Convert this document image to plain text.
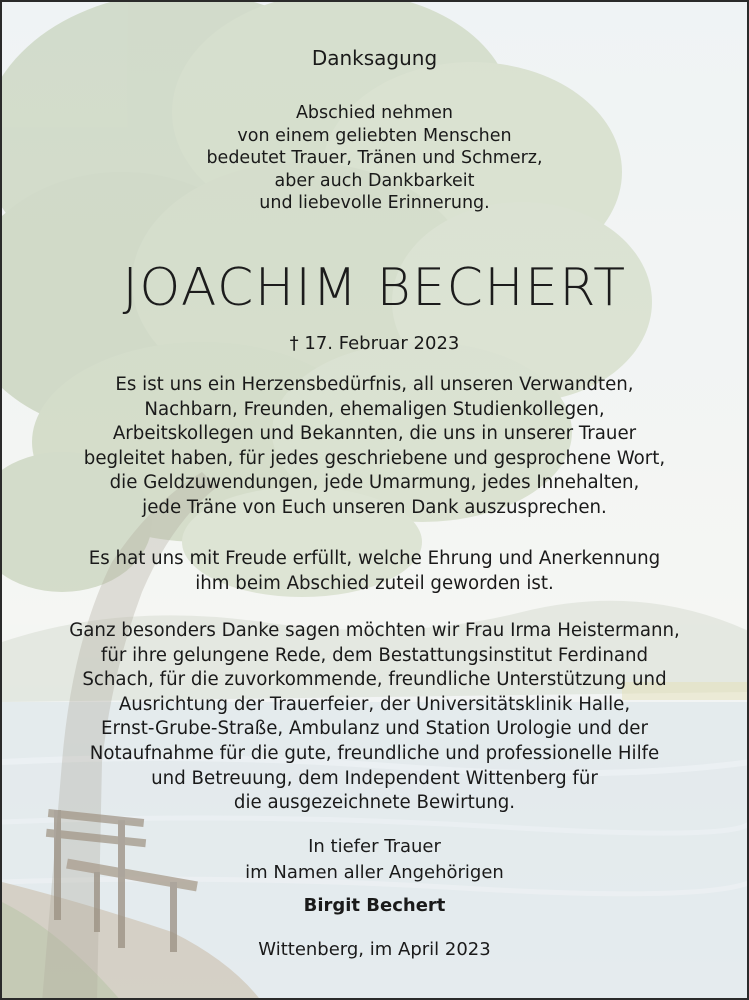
Danksagung

Abschied nehmen
von einem geliebten Menschen
bedeutet Trauer, Tränen und Schmerz,
aber auch Dankbarkeit
und liebevolle Erinnerung.

JOACHIM BECHERT

† 17. Februar 2023

Es ist uns ein Herzensbedürfnis, all unseren Verwandten,
Nachbarn, Freunden, ehemaligen Studienkollegen,
Arbeitskollegen und Bekannten, die uns in unserer Trauer
begleitet haben, für jedes geschriebene und gesprochene Wort,
die Geldzuwendungen, jede Umarmung, jedes Innehalten,
jede Träne von Euch unseren Dank auszusprechen.
Es hat uns mit Freude erfüllt, welche Ehrung und Anerkennung
ihm beim Abschied zuteil geworden ist.
Ganz besonders Danke sagen möchten wir Frau Irma Heistermann,
für ihre gelungene Rede, dem Bestattungsinstitut Ferdinand
Schach, für die zuvorkommende, freundliche Unterstützung und
Ausrichtung der Trauerfeier, der Universitätsklinik Halle,
Ernst-Grube-Straße, Ambulanz und Station Urologie und der
Notaufnahme für die gute, freundliche und professionelle Hilfe
und Betreuung, dem Independent Wittenberg für
die ausgezeichnete Bewirtung.
In tiefer Trauer
im Namen aller Angehörigen

Birgit Bechert

Wittenberg, im April 2023
